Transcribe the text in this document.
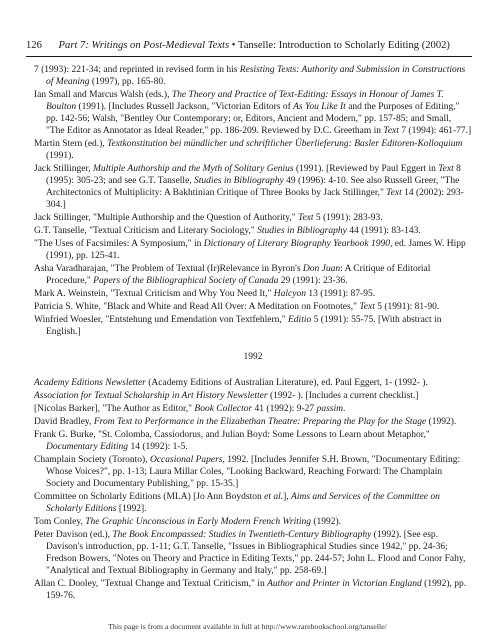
126 Part 7: Writings on Post-Medieval Texts • Tanselle: Introduction to Scholarly Editing (2002)
7 (1993): 221-34; and reprinted in revised form in his Resisting Texts: Authority and Submission in Constructions of Meaning (1997), pp. 165-80.
Ian Small and Marcus Walsh (eds.), The Theory and Practice of Text-Editing: Essays in Honour of James T. Boulton (1991). [Includes Russell Jackson, "Victorian Editors of As You Like It and the Purposes of Editing," pp. 142-56; Walsh, "Bentley Our Contemporary; or, Editors, Ancient and Modern," pp. 157-85; and Small, "The Editor as Annotator as Ideal Reader," pp. 186-209. Reviewed by D.C. Greetham in Text 7 (1994): 461-77.]
Martin Stern (ed.), Textkonstitution bei mündlicher und schriftlicher Überlieferung: Basler Editoren-Kolloquium (1991).
Jack Stillinger, Multiple Authorship and the Myth of Solitary Genius (1991). [Reviewed by Paul Eggert in Text 8 (1995): 305-23; and see G.T. Tanselle, Studies in Bibliography 49 (1996): 4-10. See also Russell Greer, "The Architectonics of Multiplicity: A Bakhtinian Critique of Three Books by Jack Stillinger," Text 14 (2002): 293-304.]
Jack Stillinger, "Multiple Authorship and the Question of Authority," Text 5 (1991): 283-93.
G.T. Tanselle, "Textual Criticism and Literary Sociology," Studies in Bibliography 44 (1991): 83-143.
"The Uses of Facsimiles: A Symposium," in Dictionary of Literary Biography Yearbook 1990, ed. James W. Hipp (1991), pp. 125-41.
Asha Varadharajan, "The Problem of Textual (Ir)Relevance in Byron's Don Juan: A Critique of Editorial Procedure," Papers of the Bibliographical Society of Canada 29 (1991): 23-36.
Mark A. Weinstein, "Textual Criticism and Why You Need It," Halcyon 13 (1991): 87-95.
Patricia S. White, "Black and White and Read All Over: A Meditation on Footnotes," Text 5 (1991): 81-90.
Winfried Woesler, "Entstehung und Emendation von Textfehlern," Editio 5 (1991): 55-75. [With abstract in English.]
1992
Academy Editions Newsletter (Academy Editions of Australian Literature), ed. Paul Eggert, 1- (1992- ).
Association for Textual Scholarship in Art History Newsletter (1992- ). [Includes a current checklist.]
[Nicolas Barker], "The Author as Editor," Book Collector 41 (1992): 9-27 passim.
David Bradley, From Text to Performance in the Elizabethan Theatre: Preparing the Play for the Stage (1992).
Frank G. Burke, "St. Colomba, Cassiodorus, and Julian Boyd: Some Lessons to Learn about Metaphor," Documentary Editing 14 (1992): 1-5.
Champlain Society (Toronto), Occasional Papers, 1992. [Includes Jennifer S.H. Brown, "Documentary Editing: Whose Voices?", pp. 1-13; Laura Millar Coles, "Looking Backward, Reaching Forward: The Champlain Society and Documentary Publishing," pp. 15-35.]
Committee on Scholarly Editions (MLA) [Jo Ann Boydston et al.], Aims and Services of the Committee on Scholarly Editions [1992].
Tom Conley, The Graphic Unconscious in Early Modern French Writing (1992).
Peter Davison (ed.), The Book Encompassed: Studies in Twentieth-Century Bibliography (1992). [See esp. Davison's introduction, pp. 1-11; G.T. Tanselle, "Issues in Bibliographical Studies since 1942," pp. 24-36; Fredson Bowers, "Notes on Theory and Practice in Editing Texts," pp. 244-57; John L. Flood and Conor Fahy, "Analytical and Textual Bibliography in Germany and Italy," pp. 258-69.]
Allan C. Dooley, "Textual Change and Textual Criticism," in Author and Printer in Victorian England (1992), pp. 159-76.
This page is from a document available in full at http://www.rarebookschool.org/tanselle/
